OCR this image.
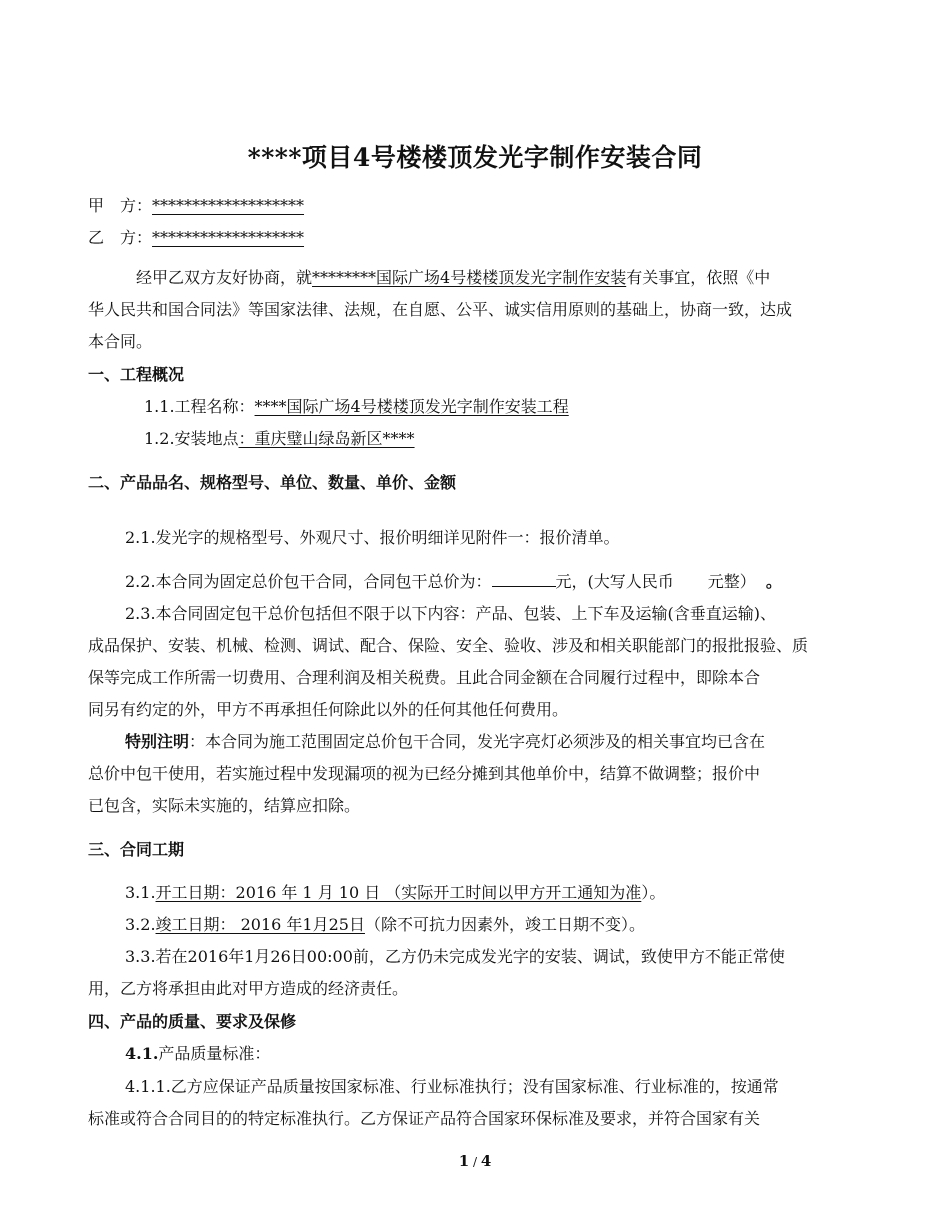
****项目4号楼楼顶发光字制作安装合同
甲　方：*******************
乙　方：*******************
经甲乙双方友好协商，就********国际广场4号楼楼顶发光字制作安装有关事宜，依照《中
华人民共和国合同法》等国家法律、法规，在自愿、公平、诚实信用原则的基础上，协商一致，达成
本合同。
一、工程概况
1.1.工程名称：****国际广场4号楼楼顶发光字制作安装工程
1.2.安装地点：重庆璧山绿岛新区****
二、产品品名、规格型号、单位、数量、单价、金额
2.1.发光字的规格型号、外观尺寸、报价明细详见附件一：报价清单。
2.2.本合同为固定总价包干合同，合同包干总价为：	元，(大写人民币 元整） 。
2.3.本合同固定包干总价包括但不限于以下内容：产品、包装、上下车及运输(含垂直运输)、
成品保护、安装、机械、检测、调试、配合、保险、安全、验收、涉及和相关职能部门的报批报验、质
保等完成工作所需一切费用、合理利润及相关税费。且此合同金额在合同履行过程中，即除本合
同另有约定的外，甲方不再承担任何除此以外的任何其他任何费用。
特别注明：本合同为施工范围固定总价包干合同，发光字亮灯必须涉及的相关事宜均已含在
总价中包干使用，若实施过程中发现漏项的视为已经分摊到其他单价中，结算不做调整；报价中
已包含，实际未实施的，结算应扣除。
三、合同工期
3.1.开工日期：2016 年 1 月 10 日 （实际开工时间以甲方开工通知为准）。
3.2.竣工日期： 2016 年1月25日（除不可抗力因素外，竣工日期不变）。
3.3.若在2016年1月26日00:00前，乙方仍未完成发光字的安装、调试，致使甲方不能正常使
用，乙方将承担由此对甲方造成的经济责任。
四、产品的质量、要求及保修
4.1.产品质量标准：
4.1.1.乙方应保证产品质量按国家标准、行业标准执行；没有国家标准、行业标准的，按通常
标准或符合合同目的的特定标准执行。乙方保证产品符合国家环保标准及要求，并符合国家有关
1 / 4
